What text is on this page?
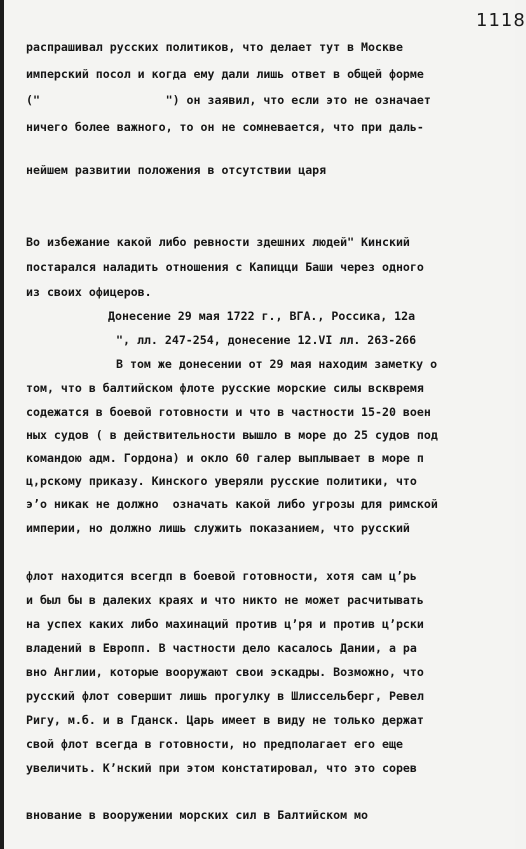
1118
распрашивал русских политиков, что делает тут в Москве
имперский посол и когда ему дали лишь ответ в общей форме
("                  ") он заявил, что если это не означает
ничего более важного, то он не сомневается, что при даль-
нейшем развитии положения в отсутствии царя
Во избежание какой либо ревности здешних людей" Кинский
постарался наладить отношения с Капицци Баши через одного
из своих офицеров.
Донесение 29 мая 1722 г., ВГА., Россика, 12а
", лл. 247-254, донесение 12.VI лл. 263-266
В том же донесении от 29 мая находим заметку о
том, что в балтийском флоте русские морские силы всквремя
содежатся в боевой готовности и что в частности 15-20 воен
ных судов ( в действительности вышло в море до 25 судов под
командою адм. Гордона) и окло 60 галер выплывает в море п
ц,рскому приказу. Кинского уверяли русские политики, что
э’о никак не должно  означать какой либо угрозы для римской
империи, но должно лишь служить показанием, что русский
флот находится всегдп в боевой готовности, хотя сам ц’рь
и был бы в далеких краях и что никто не может расчитывать
на успех каких либо махинаций против цʼря и против цʼрски
владений в Европп. В частности дело касалось Дании, а ра
вно Англии, которые вооружают свои эскадры. Возможно, что
русский флот совершит лишь прогулку в Шлиссельберг, Ревел
Ригу, м.б. и в Гданск. Царь имеет в виду не только держат
свой флот всегда в готовности, но предполагает его еще
увеличить. Кʼнский при этом констатировал, что это сорев
внование в вооружении морских сил в Балтийском мо
